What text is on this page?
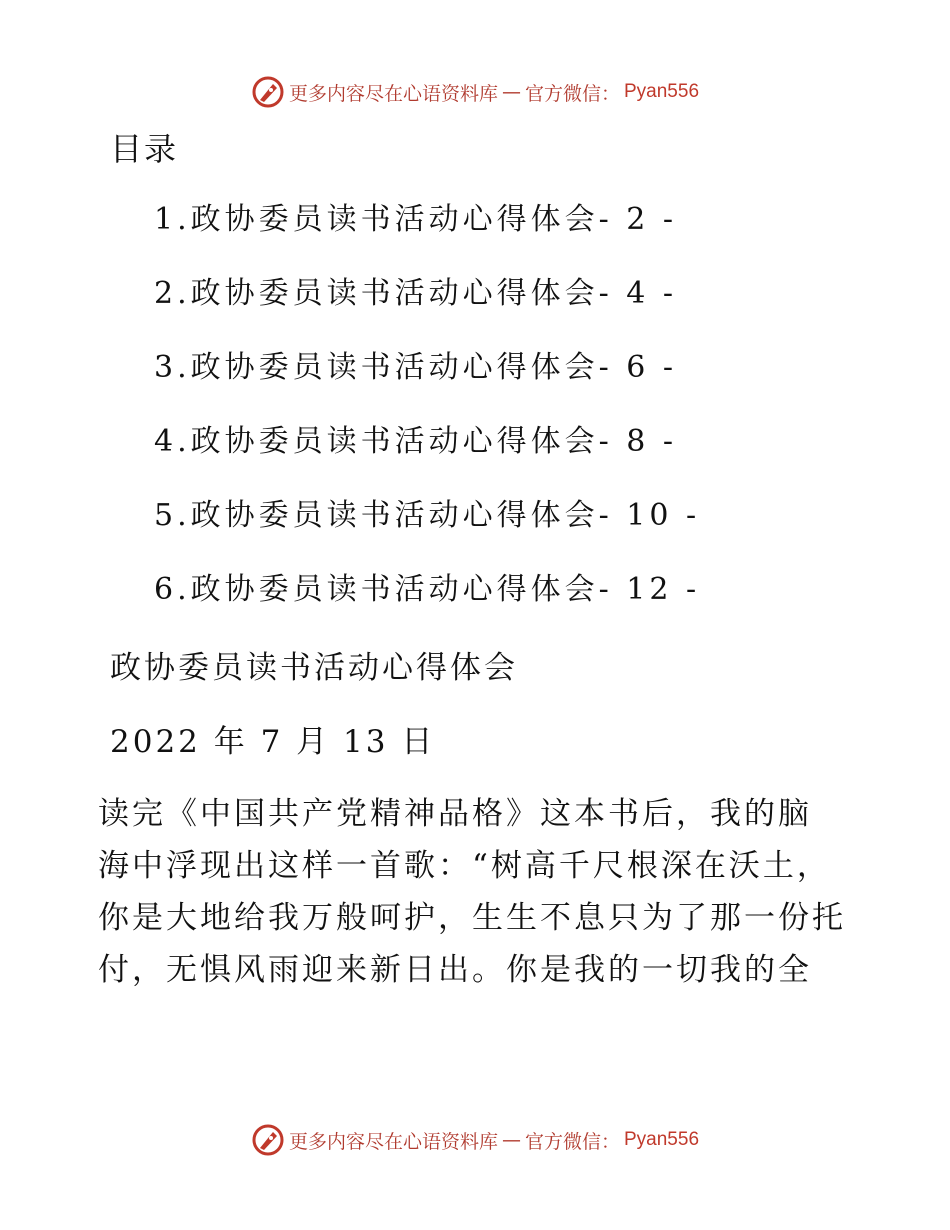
更多内容尽在心语资料库 — 官方微信： Pyan556
目录
1.政协委员读书活动心得体会- 2 -
2.政协委员读书活动心得体会- 4 -
3.政协委员读书活动心得体会- 6 -
4.政协委员读书活动心得体会- 8 -
5.政协委员读书活动心得体会- 10 -
6.政协委员读书活动心得体会- 12 -
政协委员读书活动心得体会
2022 年 7 月 13 日
读完《中国共产党精神品格》这本书后，我的脑
海中浮现出这样一首歌：“树高千尺根深在沃土，
你是大地给我万般呵护，生生不息只为了那一份托
付，无惧风雨迎来新日出。你是我的一切我的全
更多内容尽在心语资料库 — 官方微信： Pyan556
